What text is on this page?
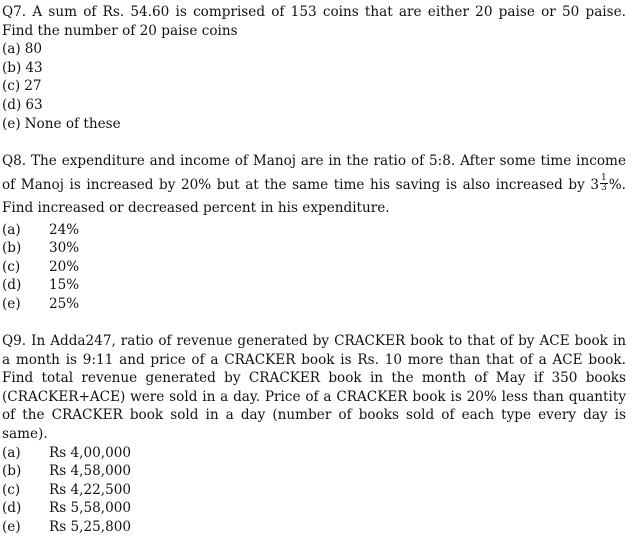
Q7. A sum of Rs. 54.60 is comprised of 153 coins that are either 20 paise or 50 paise. Find the number of 20 paise coins

(a) 80
(b) 43
(c) 27
(d) 63
(e) None of these

Q8. The expenditure and income of Manoj are in the ratio of 5:8. After some time income of Manoj is increased by 20% but at the same time his saving is also increased by $3 \frac{1}{3}$ %. Find increased or decreased percent in his expenditure.

(a) 24%
(b) 30%
(c) 20%
(d) 15%
(e) 25%

Q9. In Adda247, ratio of revenue generated by CRACKER book to that of by ACE book in a month is 9:11 and price of a CRACKER book is Rs. 10 more than that of a ACE book. Find total revenue generated by CRACKER book in the month of May if 350 books (CRACKER+ACE) were sold in a day. Price of a CRACKER book is 20% less than quantity of the CRACKER book sold in a day (number of books sold of each type every day is same).

(a) Rs 4,00,000
(b) Rs 4,58,000
(c) Rs 4,22,500
(d) Rs 5,58,000
(e) Rs 5,25,800
